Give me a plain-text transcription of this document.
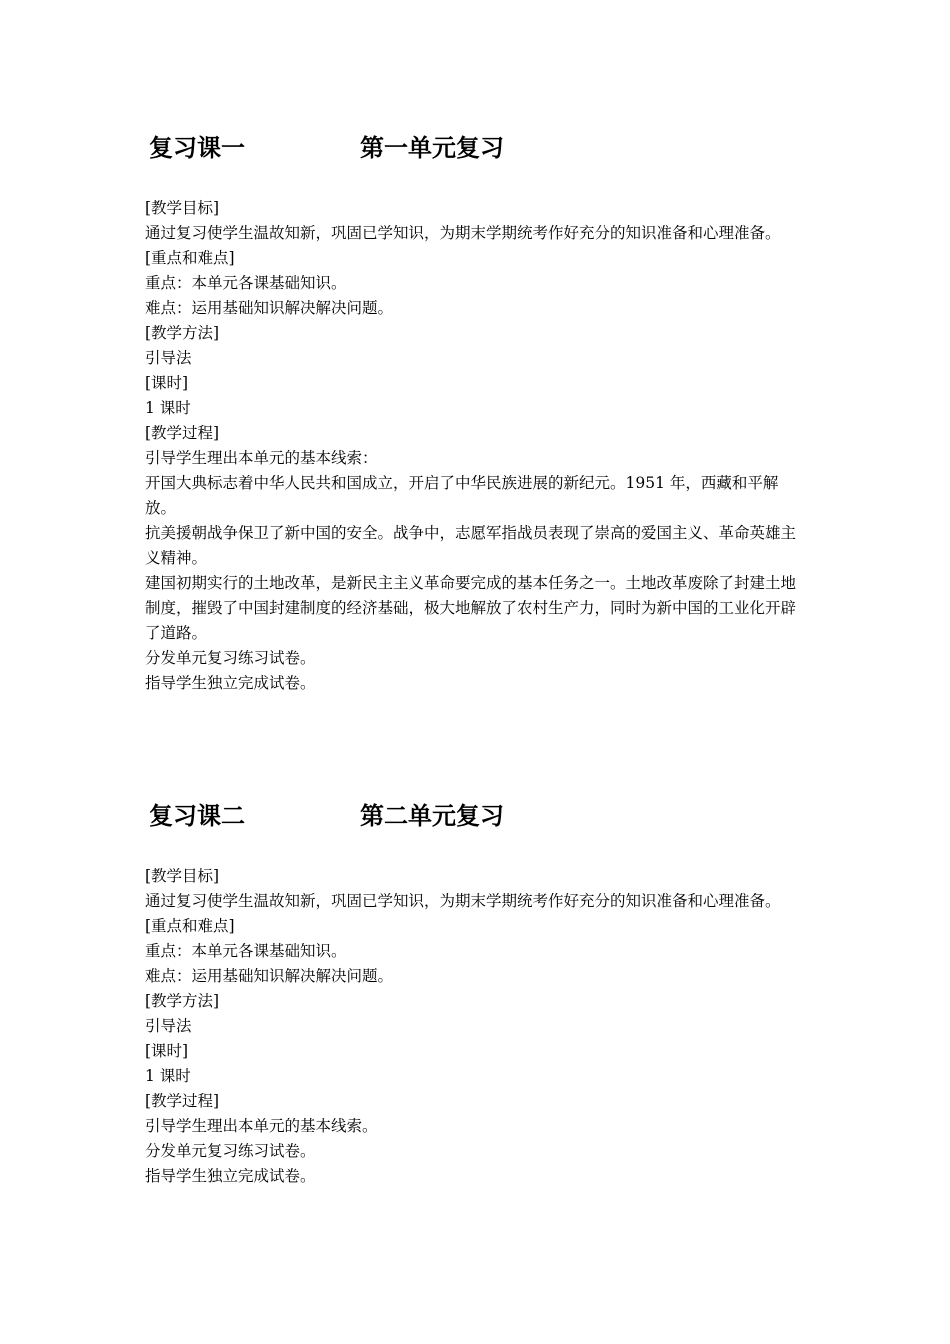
复习课一	第一单元复习

[教学目标]

通过复习使学生温故知新，巩固已学知识，为期末学期统考作好充分的知识准备和心理准备。

[重点和难点]

重点：本单元各课基础知识。

难点：运用基础知识解决解决问题。

[教学方法]

引导法

[课时]

1 课时

[教学过程]

引导学生理出本单元的基本线索：

开国大典标志着中华人民共和国成立，开启了中华民族进展的新纪元。1951 年，西藏和平解放。

抗美援朝战争保卫了新中国的安全。战争中，志愿军指战员表现了崇高的爱国主义、革命英雄主义精神。

建国初期实行的土地改革，是新民主主义革命要完成的基本任务之一。土地改革废除了封建土地制度，摧毁了中国封建制度的经济基础，极大地解放了农村生产力，同时为新中国的工业化开辟了道路。

分发单元复习练习试卷。

指导学生独立完成试卷。

复习课二	第二单元复习

[教学目标]

通过复习使学生温故知新，巩固已学知识，为期末学期统考作好充分的知识准备和心理准备。

[重点和难点]

重点：本单元各课基础知识。

难点：运用基础知识解决解决问题。

[教学方法]

引导法

[课时]

1 课时

[教学过程]

引导学生理出本单元的基本线索。

分发单元复习练习试卷。

指导学生独立完成试卷。
